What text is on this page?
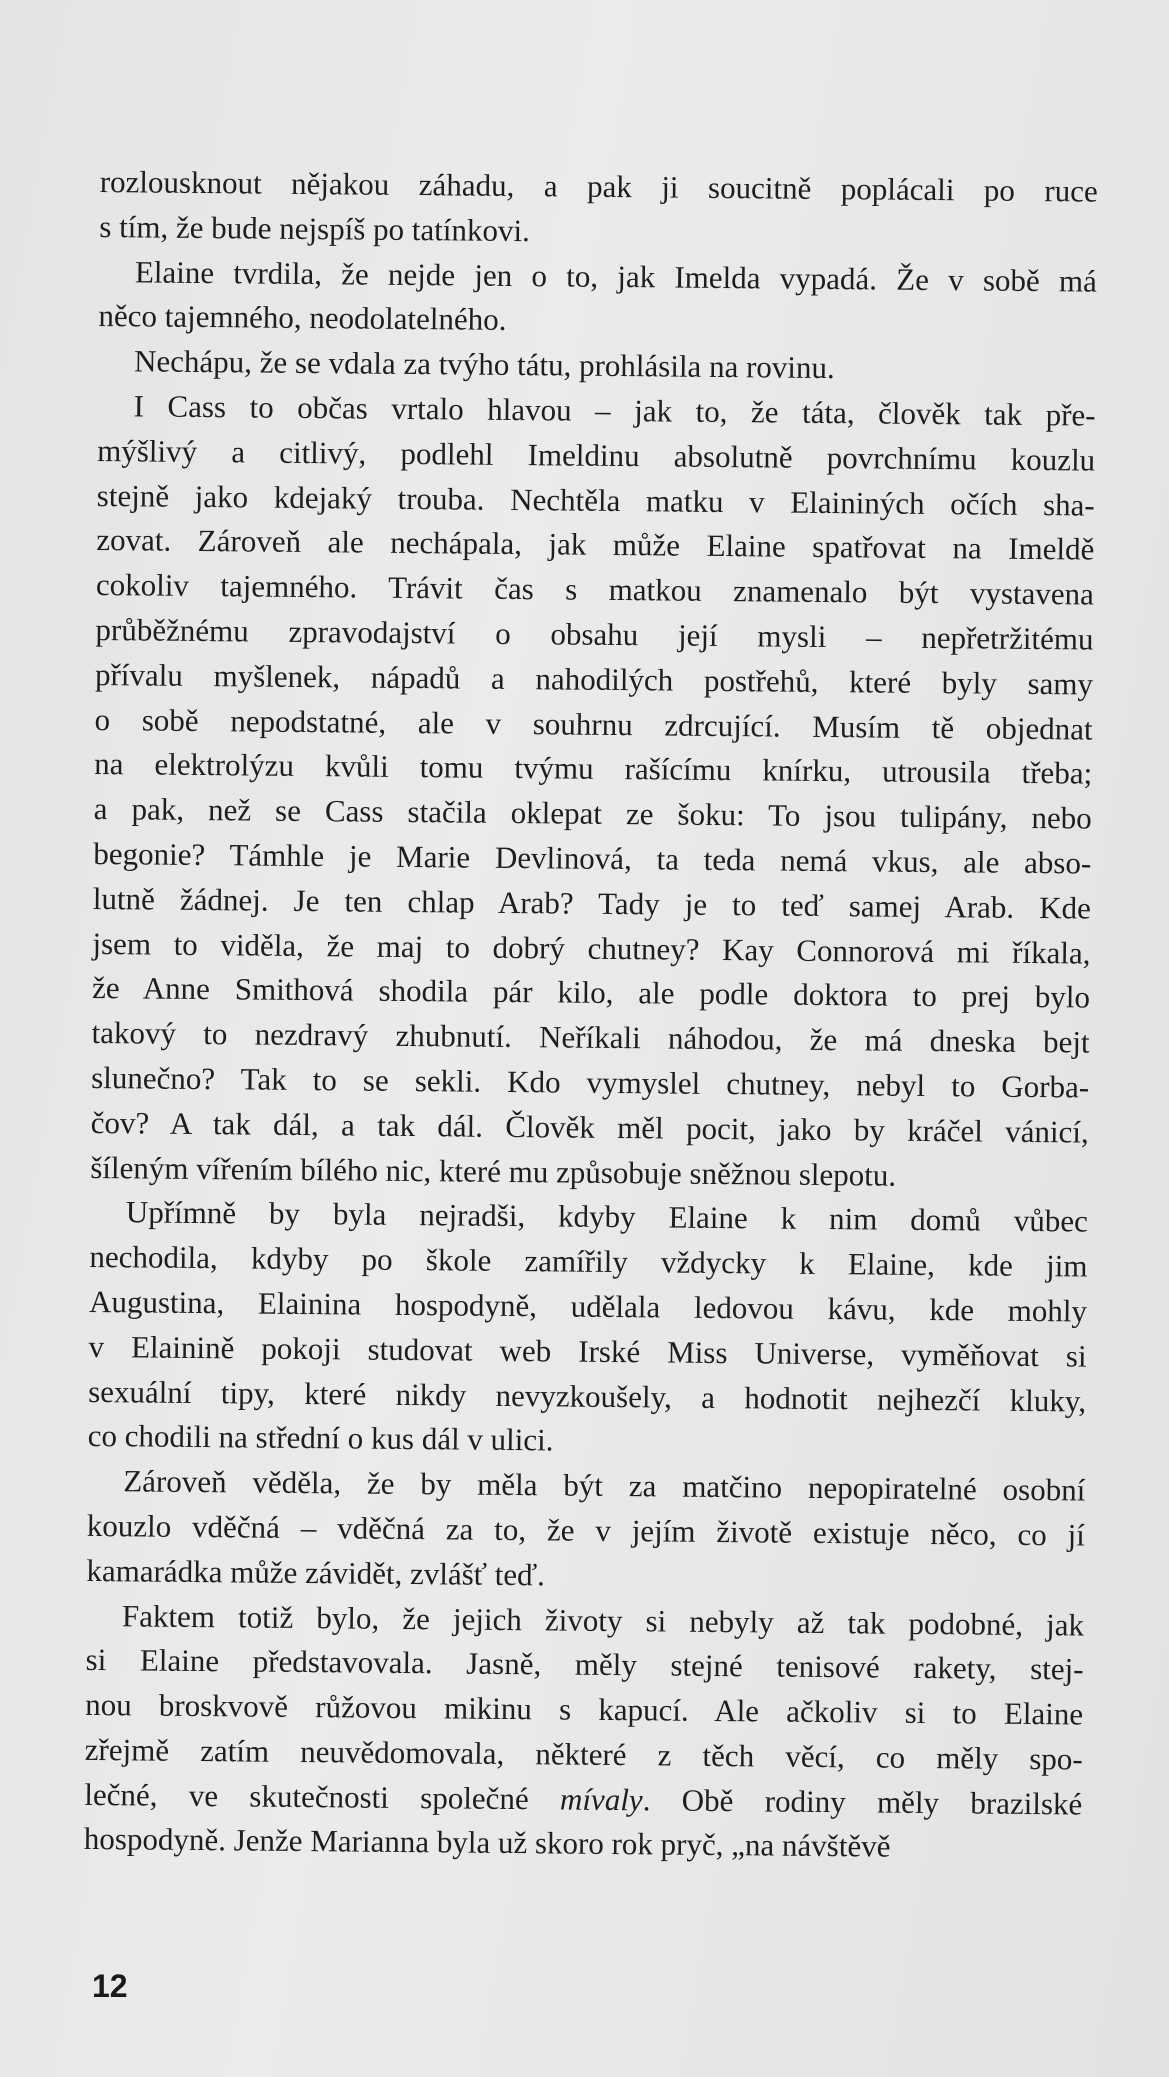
rozlousknout nějakou záhadu, a pak ji soucitně poplácali po ruce
s tím, že bude nejspíš po tatínkovi.
Elaine tvrdila, že nejde jen o to, jak Imelda vypadá. Že v sobě má
něco tajemného, neodolatelného.
Nechápu, že se vdala za tvýho tátu, prohlásila na rovinu.
I Cass to občas vrtalo hlavou – jak to, že táta, člověk tak pře-
mýšlivý a citlivý, podlehl Imeldinu absolutně povrchnímu kouzlu
stejně jako kdejaký trouba. Nechtěla matku v Elaininých očích sha-
zovat. Zároveň ale nechápala, jak může Elaine spatřovat na Imeldě
cokoliv tajemného. Trávit čas s matkou znamenalo být vystavena
průběžnému zpravodajství o obsahu její mysli – nepřetržitému
přívalu myšlenek, nápadů a nahodilých postřehů, které byly samy
o sobě nepodstatné, ale v souhrnu zdrcující. Musím tě objednat
na elektrolýzu kvůli tomu tvýmu rašícímu knírku, utrousila třeba;
a pak, než se Cass stačila oklepat ze šoku: To jsou tulipány, nebo
begonie? Támhle je Marie Devlinová, ta teda nemá vkus, ale abso-
lutně žádnej. Je ten chlap Arab? Tady je to teď samej Arab. Kde
jsem to viděla, že maj to dobrý chutney? Kay Connorová mi říkala,
že Anne Smithová shodila pár kilo, ale podle doktora to prej bylo
takový to nezdravý zhubnutí. Neříkali náhodou, že má dneska bejt
slunečno? Tak to se sekli. Kdo vymyslel chutney, nebyl to Gorba-
čov? A tak dál, a tak dál. Člověk měl pocit, jako by kráčel vánicí,
šíleným vířením bílého nic, které mu způsobuje sněžnou slepotu.
Upřímně by byla nejradši, kdyby Elaine k nim domů vůbec
nechodila, kdyby po škole zamířily vždycky k Elaine, kde jim
Augustina, Elainina hospodyně, udělala ledovou kávu, kde mohly
v Elainině pokoji studovat web Irské Miss Universe, vyměňovat si
sexuální tipy, které nikdy nevyzkoušely, a hodnotit nejhezčí kluky,
co chodili na střední o kus dál v ulici.
Zároveň věděla, že by měla být za matčino nepopiratelné osobní
kouzlo vděčná – vděčná za to, že v jejím životě existuje něco, co jí
kamarádka může závidět, zvlášť teď.
Faktem totiž bylo, že jejich životy si nebyly až tak podobné, jak
si Elaine představovala. Jasně, měly stejné tenisové rakety, stej-
nou broskvově růžovou mikinu s kapucí. Ale ačkoliv si to Elaine
zřejmě zatím neuvědomovala, některé z těch věcí, co měly spo-
lečné, ve skutečnosti společné mívaly. Obě rodiny měly brazilské
hospodyně. Jenže Marianna byla už skoro rok pryč, „na návštěvě
12
